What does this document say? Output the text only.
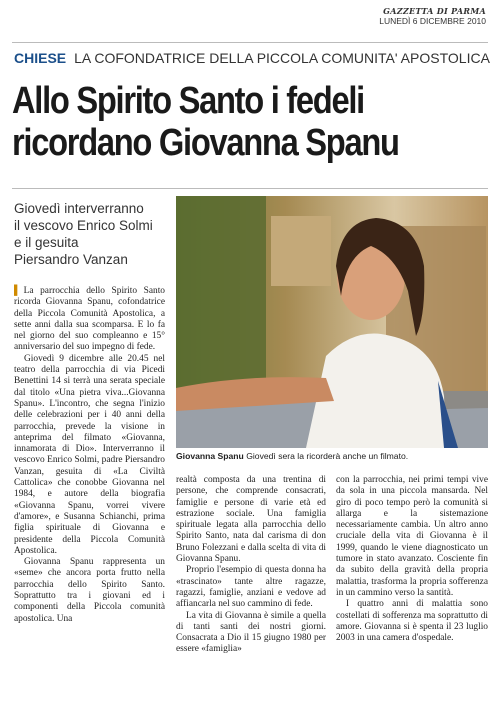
GAZZETTA DI PARMA
LUNEDÌ 6 DICEMBRE 2010
CHIESE LA COFONDATRICE DELLA PICCOLA COMUNITA' APOSTOLICA
Allo Spirito Santo i fedeli
ricordano Giovanna Spanu
Giovedì interverranno
il vescovo Enrico Solmi
e il gesuita
Piersandro Vanzan
Giovanna Spanu Giovedì sera la ricorderà anche un filmato.

▌ La parrocchia dello Spirito Santo ricorda Giovanna Spanu, cofondatrice della Piccola Comunità Apostolica, a sette anni dalla sua scomparsa. E lo fa nel giorno del suo compleanno e 15° anniversario del suo impegno di fede.

Giovedì 9 dicembre alle 20.45 nel teatro della parrocchia di via Picedi Benettini 14 si terrà una serata speciale dal titolo «Una pietra viva...Giovanna Spanu». L'incontro, che segna l'inizio delle celebrazioni per i 40 anni della parrocchia, prevede la visione in anteprima del filmato «Giovanna, innamorata di Dio». Interverranno il vescovo Enrico Solmi, padre Piersandro Vanzan, gesuita di «La Civiltà Cattolica» che conobbe Giovanna nel 1984, e autore della biografia «Giovanna Spanu, vorrei vivere d'amore», e Susanna Schianchi, prima figlia spirituale di Giovanna e presidente della Piccola Comunità Apostolica.

Giovanna Spanu rappresenta un «seme» che ancora porta frutto nella parrocchia dello Spirito Santo. Soprattutto tra i giovani ed i componenti della Piccola comunità apostolica. Una

realtà composta da una trentina di persone, che comprende consacrati, famiglie e persone di varie età ed estrazione sociale. Una famiglia spirituale legata alla parrocchia dello Spirito Santo, nata dal carisma di don Bruno Folezzani e dalla scelta di vita di Giovanna Spanu.

Proprio l'esempio di questa donna ha «trascinato» tante altre ragazze, ragazzi, famiglie, anziani e vedove ad affiancarla nel suo cammino di fede.

La vita di Giovanna è simile a quella di tanti santi dei nostri giorni. Consacrata a Dio il 15 giugno 1980 per essere «famiglia»

con la parrocchia, nei primi tempi vive da sola in una piccola mansarda. Nel giro di poco tempo però la comunità si allarga e la sistemazione necessariamente cambia. Un altro anno cruciale della vita di Giovanna è il 1999, quando le viene diagnosticato un tumore in stato avanzato. Cosciente fin da subito della gravità della propria malattia, trasforma la propria sofferenza in un cammino verso la santità.

I quattro anni di malattia sono costellati di sofferenza ma soprattutto di amore. Giovanna si è spenta il 23 luglio 2003 in una camera d'ospedale.
